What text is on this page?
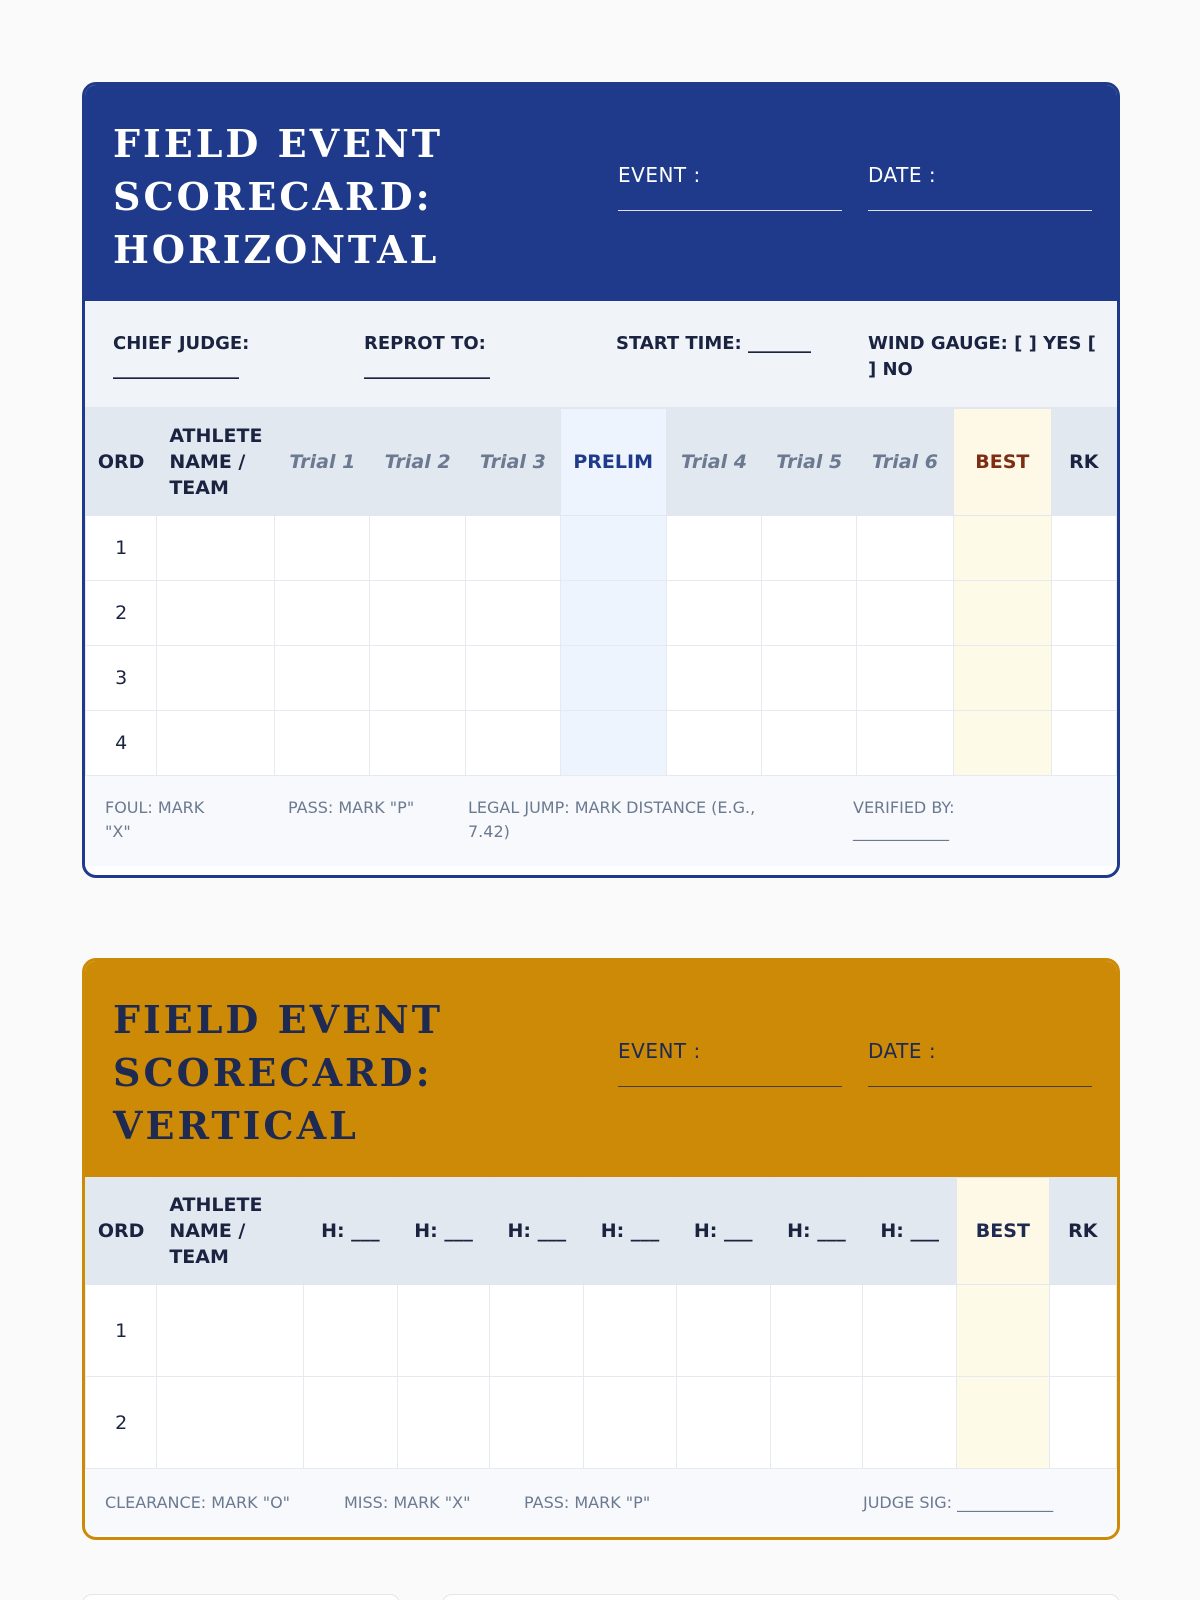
FIELD EVENT
SCORECARD:
HORIZONTAL
EVENT :	DATE :
CHIEF JUDGE: ______________
REPROT TO: ______________
START TIME: _______	WIND GAUGE: [ ] YES [ ] NO
ORD	ATHLETE NAME / TEAM	Trial 1	Trial 2	Trial 3	PRELIM	Trial 4	Trial 5	Trial 6	BEST	RK
1										
2										
3										
4										
FOUL: MARK "X"
PASS: MARK "P"	LEGAL JUMP: MARK DISTANCE (E.G., 7.42)
VERIFIED BY: ____________
FIELD EVENT
SCORECARD:
VERTICAL
EVENT :	DATE :
ORD	ATHLETE NAME / TEAM	H: ___	H: ___	H: ___	H: ___	H: ___	H: ___	H: ___	BEST	RK
1										
2										
CLEARANCE: MARK "O"	MISS: MARK "X"	PASS: MARK "P"	JUDGE SIG: ____________
